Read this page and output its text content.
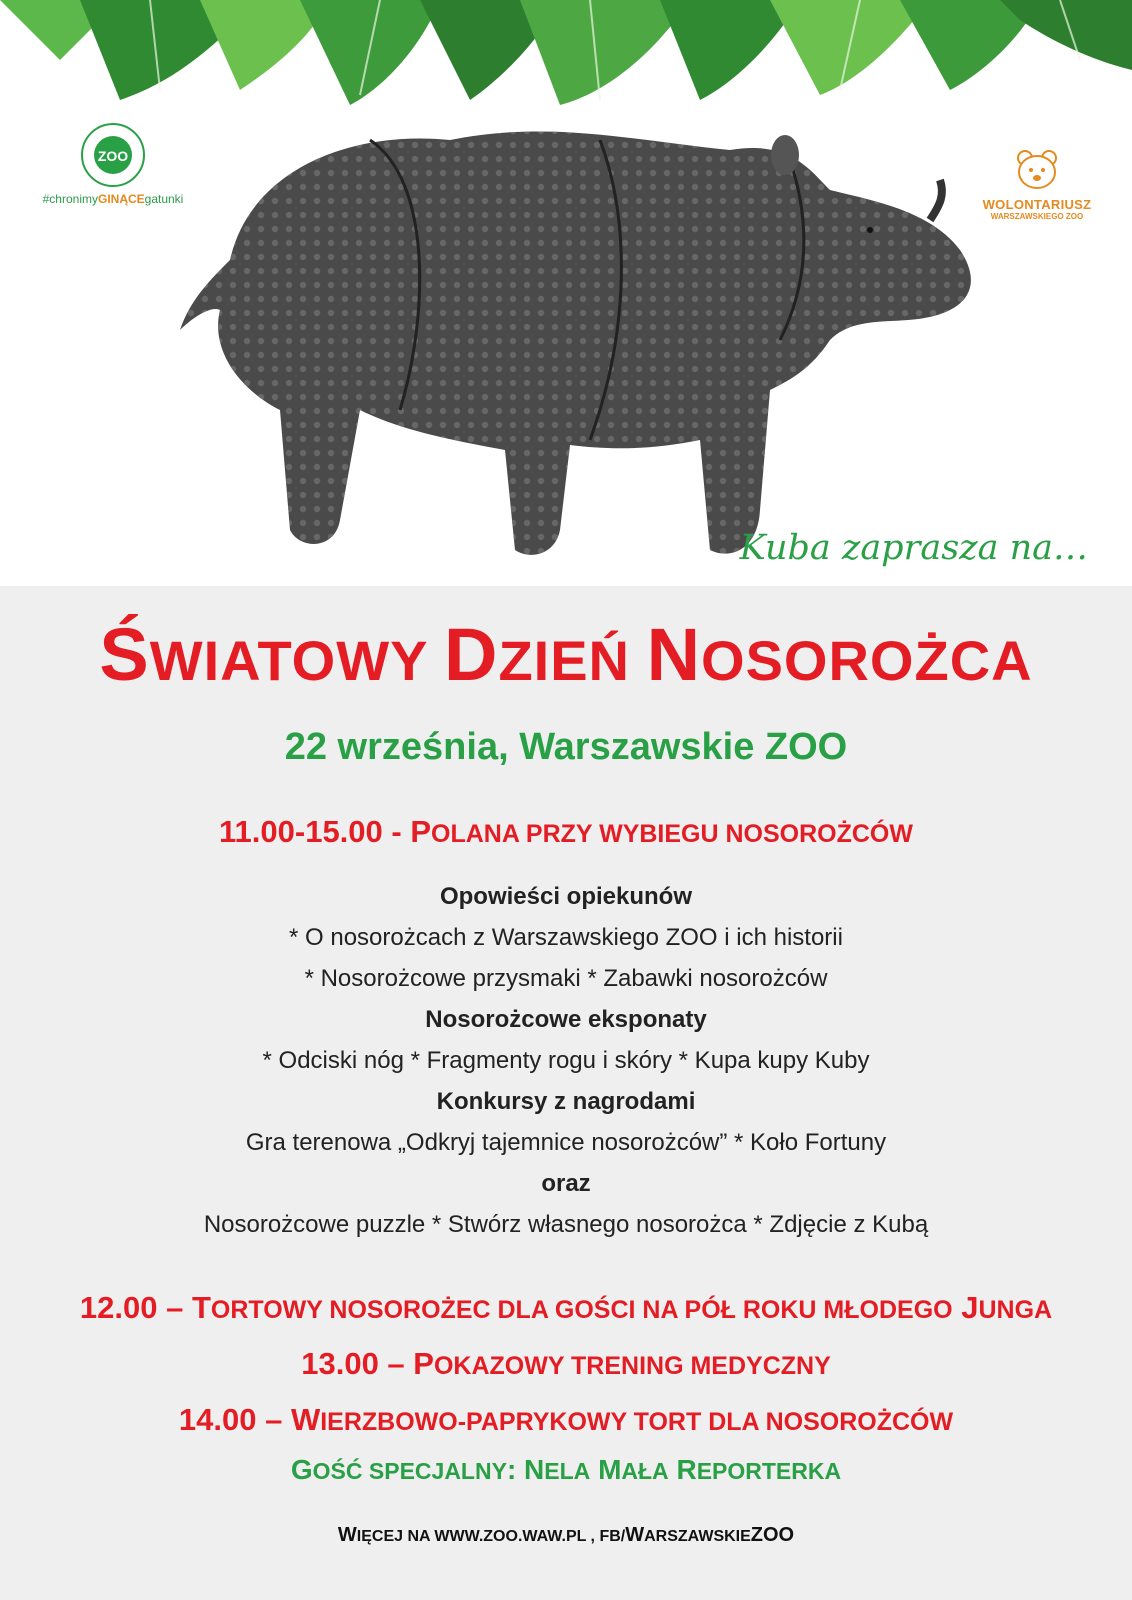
ZOO
#chronimyGINĄCEgatunki	WOLONTARIUSZ
WARSZAWSKIEGO ZOO
Kuba zaprasza na…
ŚWIATOWY DZIEŃ NOSOROŻCA
22 września, Warszawskie ZOO
11.00-15.00 - POLANA PRZY WYBIEGU NOSOROŻCÓW
Opowieści opiekunów
* O nosorożcach z Warszawskiego ZOO i ich historii
* Nosorożcowe przysmaki * Zabawki nosorożców
Nosorożcowe eksponaty
* Odciski nóg * Fragmenty rogu i skóry * Kupa kupy Kuby
Konkursy z nagrodami
Gra terenowa „Odkryj tajemnice nosorożców” * Koło Fortuny
oraz
Nosorożcowe puzzle * Stwórz własnego nosorożca * Zdjęcie z Kubą
12.00 – TORTOWY NOSOROŻEC DLA GOŚCI NA PÓŁ ROKU MŁODEGO JUNGA
13.00 – POKAZOWY TRENING MEDYCZNY
14.00 – WIERZBOWO-PAPRYKOWY TORT DLA NOSOROŻCÓW
GOŚĆ SPECJALNY: NELA MAŁA REPORTERKA
WIĘCEJ NA WWW.ZOO.WAW.PL , FB/WARSZAWSKIEZOO
